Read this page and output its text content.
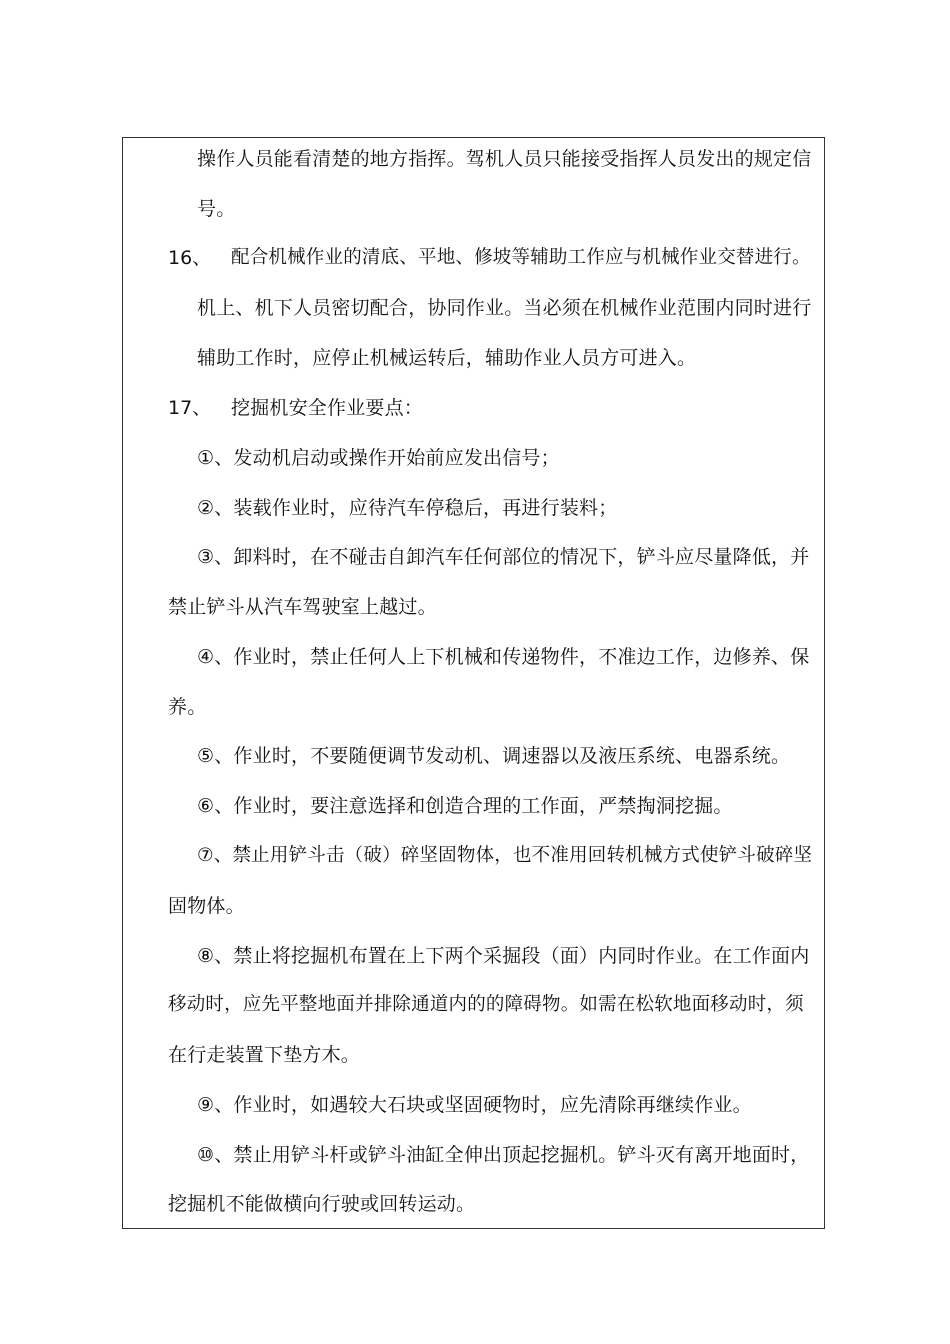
操作人员能看清楚的地方指挥。驾机人员只能接受指挥人员发出的规定信
号。
16、 配合机械作业的清底、平地、修坡等辅助工作应与机械作业交替进行。
机上、机下人员密切配合，协同作业。当必须在机械作业范围内同时进行
辅助工作时，应停止机械运转后，辅助作业人员方可进入。
17、 挖掘机安全作业要点：
①、发动机启动或操作开始前应发出信号；
②、装载作业时，应待汽车停稳后，再进行装料；
③、卸料时，在不碰击自卸汽车任何部位的情况下，铲斗应尽量降低，并
禁止铲斗从汽车驾驶室上越过。
④、作业时，禁止任何人上下机械和传递物件，不准边工作，边修养、保
养。
⑤、作业时，不要随便调节发动机、调速器以及液压系统、电器系统。
⑥、作业时，要注意选择和创造合理的工作面，严禁掏洞挖掘。
⑦、禁止用铲斗击（破）碎坚固物体，也不准用回转机械方式使铲斗破碎坚
固物体。
⑧、禁止将挖掘机布置在上下两个采掘段（面）内同时作业。在工作面内
移动时，应先平整地面并排除通道内的的障碍物。如需在松软地面移动时，须
在行走装置下垫方木。
⑨、作业时，如遇较大石块或坚固硬物时，应先清除再继续作业。
⑩、禁止用铲斗杆或铲斗油缸全伸出顶起挖掘机。铲斗灭有离开地面时，
挖掘机不能做横向行驶或回转运动。
